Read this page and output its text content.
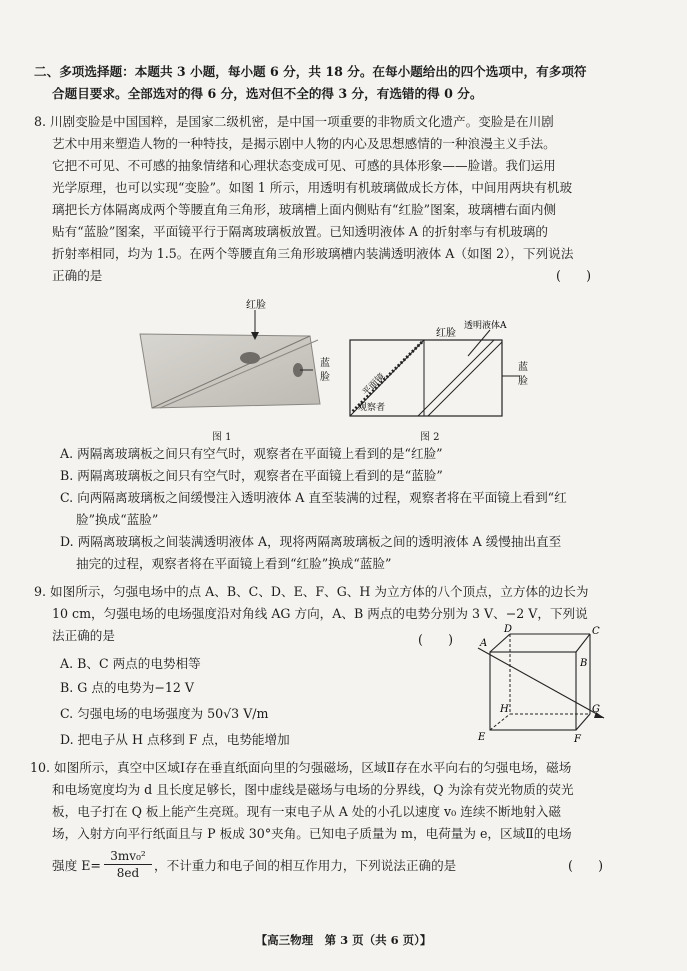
二、多项选择题：本题共 3 小题，每小题 6 分，共 18 分。在每小题给出的四个选项中，有多项符
合题目要求。全部选对的得 6 分，选对但不全的得 3 分，有选错的得 0 分。
8. 川剧变脸是中国国粹，是国家二级机密，是中国一项重要的非物质文化遗产。变脸是在川剧
艺术中用来塑造人物的一种特技，是揭示剧中人物的内心及思想感情的一种浪漫主义手法。
它把不可见、不可感的抽象情绪和心理状态变成可见、可感的具体形象——脸谱。我们运用
光学原理，也可以实现“变脸”。如图 1 所示，用透明有机玻璃做成长方体，中间用两块有机玻
璃把长方体隔离成两个等腰直角三角形，玻璃槽上面内侧贴有“红脸”图案，玻璃槽右面内侧
贴有“蓝脸”图案，平面镜平行于隔离玻璃板放置。已知透明液体 A 的折射率与有机玻璃的
折射率相同，均为 1.5。在两个等腰直角三角形玻璃槽内装满透明液体 A（如图 2），下列说法
正确的是	(　　)
红脸
蓝
脸
图 1
透明液体A
红脸
平面镜
蓝
脸
观察者
图 2
A. 两隔离玻璃板之间只有空气时，观察者在平面镜上看到的是“红脸”
B. 两隔离玻璃板之间只有空气时，观察者在平面镜上看到的是“蓝脸”
C. 向两隔离玻璃板之间缓慢注入透明液体 A 直至装满的过程，观察者将在平面镜上看到“红
脸”换成“蓝脸”
D. 两隔离玻璃板之间装满透明液体 A，现将两隔离玻璃板之间的透明液体 A 缓慢抽出直至
抽完的过程，观察者将在平面镜上看到“红脸”换成“蓝脸”
9. 如图所示，匀强电场中的点 A、B、C、D、E、F、G、H 为立方体的八个顶点，立方体的边长为
10 cm，匀强电场的电场强度沿对角线 AG 方向，A、B 两点的电势分别为 3 V、−2 V，下列说
法正确的是	(　　)
A. B、C 两点的电势相等
B. G 点的电势为−12 V
C. 匀强电场的电场强度为 50√3 V/m
D. 把电子从 H 点移到 F 点，电势能增加
A
B
C
D
E	F
G
H
10. 如图所示，真空中区域Ⅰ存在垂直纸面向里的匀强磁场，区域Ⅱ存在水平向右的匀强电场，磁场
和电场宽度均为 d 且长度足够长，图中虚线是磁场与电场的分界线，Q 为涂有荧光物质的荧光
板，电子打在 Q 板上能产生亮斑。现有一束电子从 A 处的小孔以速度 v₀ 连续不断地射入磁
场，入射方向平行纸面且与 P 板成 30°夹角。已知电子质量为 m，电荷量为 e，区域Ⅱ的电场
强度 $E= \frac{\text{3mv₀²}}{8ed}$ ，不计重力和电子间的相互作用力，下列说法正确的是	(　　)
【高三物理　第 3 页（共 6 页）】
